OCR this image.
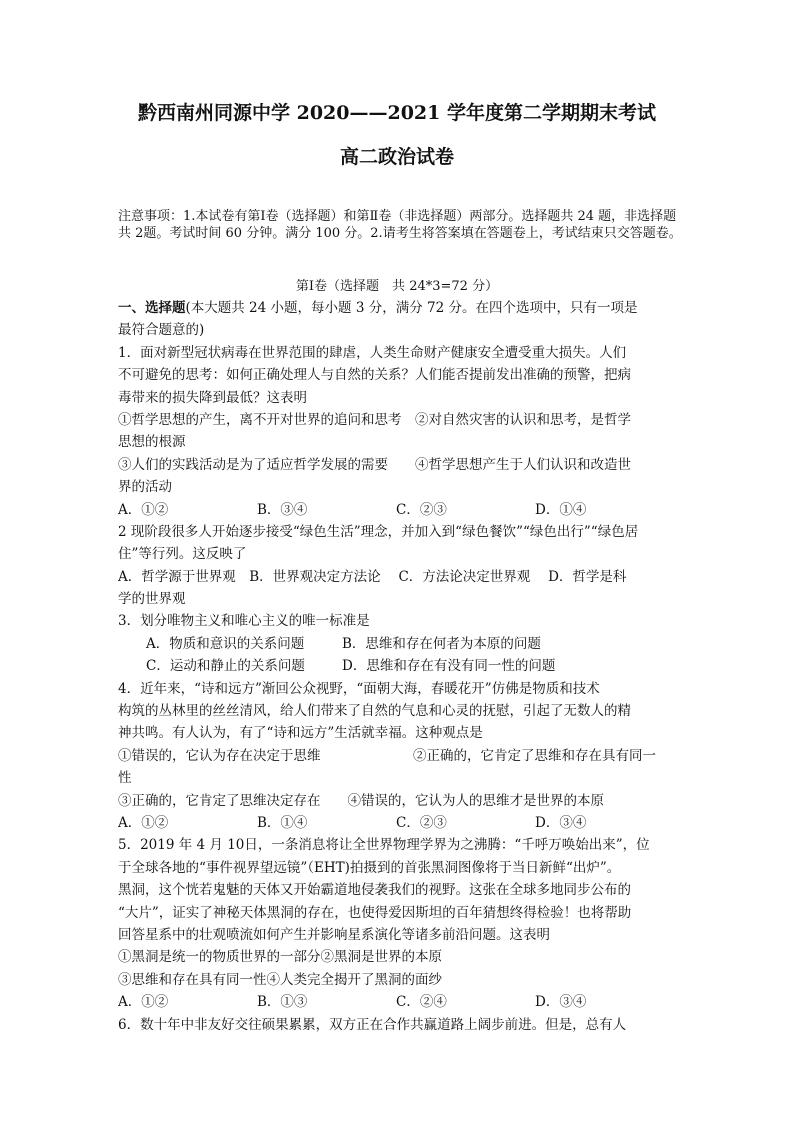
黔西南州同源中学 2020——2021 学年度第二学期期末考试
高二政治试卷
注意事项：1.本试卷有第Ⅰ卷（选择题）和第Ⅱ卷（非选择题）两部分。选择题共 24 题，非选择题共 2题。考试时间 60 分钟。满分 100 分。2.请考生将答案填在答题卷上，考试结束只交答题卷。
第Ⅰ卷（选择题　共 24*3=72 分）
一、选择题(本大题共 24 小题，每小题 3 分，满分 72 分。在四个选项中，只有一项是
最符合题意的)
1．面对新型冠状病毒在世界范围的肆虐，人类生命财产健康安全遭受重大损失。人们
不可避免的思考：如何正确处理人与自然的关系？人们能否提前发出准确的预警，把病
毒带来的损失降到最低？这表明
①哲学思想的产生，离不开对世界的追问和思考　②对自然灾害的认识和思考，是哲学
思想的根源
③人们的实践活动是为了适应哲学发展的需要　　④哲学思想产生于人们认识和改造世
界的活动
A．①②	B．③④	C．②③	D．①④
2 现阶段很多人开始逐步接受“绿色生活”理念，并加入到“绿色餐饮”“绿色出行”“绿色居
住”等行列。这反映了
A．哲学源于世界观　B．世界观决定方法论　 C．方法论决定世界观　 D．哲学是科
学的世界观
3．划分唯物主义和唯心主义的唯一标准是
A．物质和意识的关系问题	B．思维和存在何者为本原的问题
C．运动和静止的关系问题	D．思维和存在有没有同一性的问题
4．近年来，“诗和远方”渐回公众视野，“面朝大海，春暖花开”仿佛是物质和技术
构筑的丛林里的丝丝清风，给人们带来了自然的气息和心灵的抚慰，引起了无数人的精
神共鸣。有人认为，有了“诗和远方”生活就幸福。这种观点是
①错误的，它认为存在决定于思维	②正确的，它肯定了思维和存在具有同一
性
③正确的，它肯定了思维决定存在　　④错误的，它认为人的思维才是世界的本原
A．①②	B．①④	C．②③	D．③④
5．2019 年 4 月 10日，一条消息将让全世界物理学界为之沸腾：“千呼万唤始出来”，位
于全球各地的“事件视界望远镜”（EHT)拍摄到的首张黑洞图像将于当日新鲜“出炉”。
黑洞，这个恍若鬼魅的天体又开始霸道地侵袭我们的视野。这张在全球多地同步公布的
“大片”，证实了神秘天体黑洞的存在，也使得爱因斯坦的百年猜想终得检验！也将帮助
回答星系中的壮观喷流如何产生并影响星系演化等诸多前沿问题。这表明
①黑洞是统一的物质世界的一部分②黑洞是世界的本原
③思维和存在具有同一性④人类完全揭开了黑洞的面纱
A．①②	B．①③	C．②④	D．③④
6．数十年中非友好交往硕果累累，双方正在合作共赢道路上阔步前进。但是，总有人
